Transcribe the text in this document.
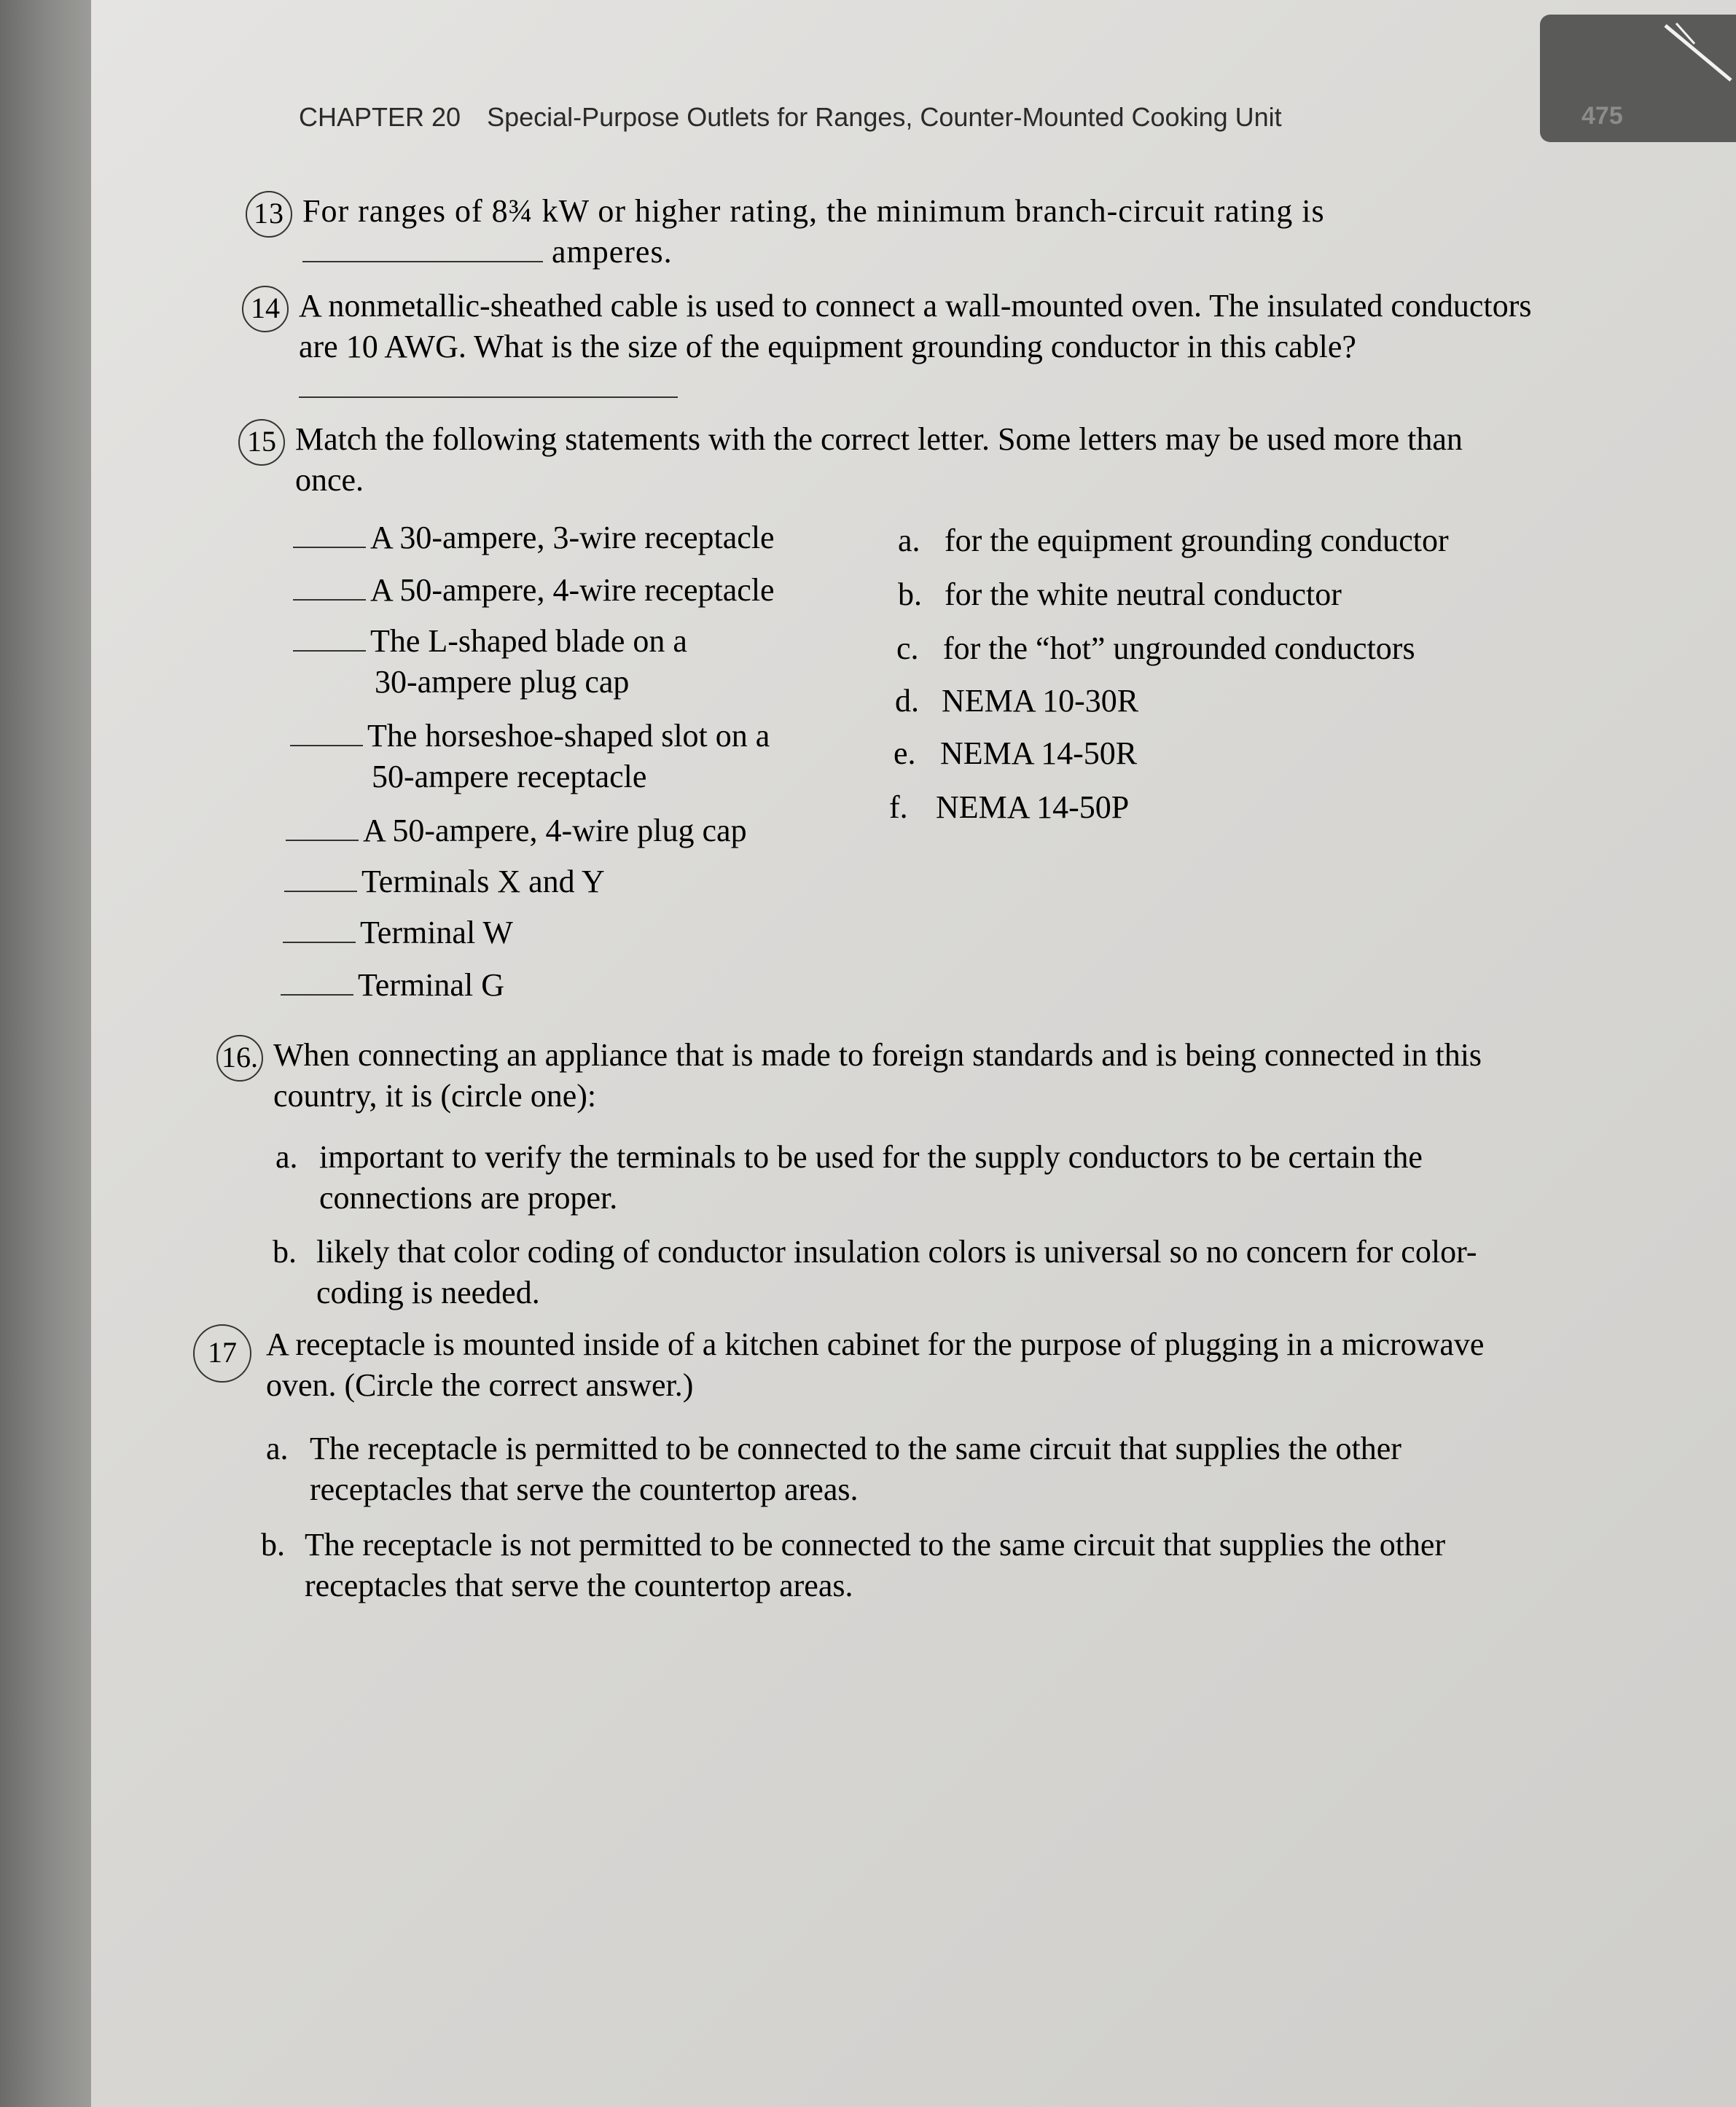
475
CHAPTER 20 Special-Purpose Outlets for Ranges, Counter-Mounted Cooking Unit
13 For ranges of 8¾ kW or higher rating, the minimum branch-circuit rating is
amperes.
14 A nonmetallic-sheathed cable is used to connect a wall-mounted oven. The insulated conductors are 10 AWG. What is the size of the equipment grounding conductor in this cable?
15 Match the following statements with the correct letter. Some letters may be used more than once.
A 30-ampere, 3-wire receptacle
A 50-ampere, 4-wire receptacle
The L-shaped blade on a
30-ampere plug cap
The horseshoe-shaped slot on a
50-ampere receptacle
A 50-ampere, 4-wire plug cap
Terminals X and Y
Terminal W
Terminal G
a. for the equipment grounding conductor
b. for the white neutral conductor
c. for the “hot” ungrounded conductors
d. NEMA 10-30R
e. NEMA 14-50R
f. NEMA 14-50P
16. When connecting an appliance that is made to foreign standards and is being connected in this country, it is (circle one):
a. important to verify the terminals to be used for the supply conductors to be certain the connections are proper.
b. likely that color coding of conductor insulation colors is universal so no concern for color-coding is needed.
17 A receptacle is mounted inside of a kitchen cabinet for the purpose of plugging in a microwave oven. (Circle the correct answer.)
a. The receptacle is permitted to be connected to the same circuit that supplies the other receptacles that serve the countertop areas.
b. The receptacle is not permitted to be connected to the same circuit that supplies the other receptacles that serve the countertop areas.
